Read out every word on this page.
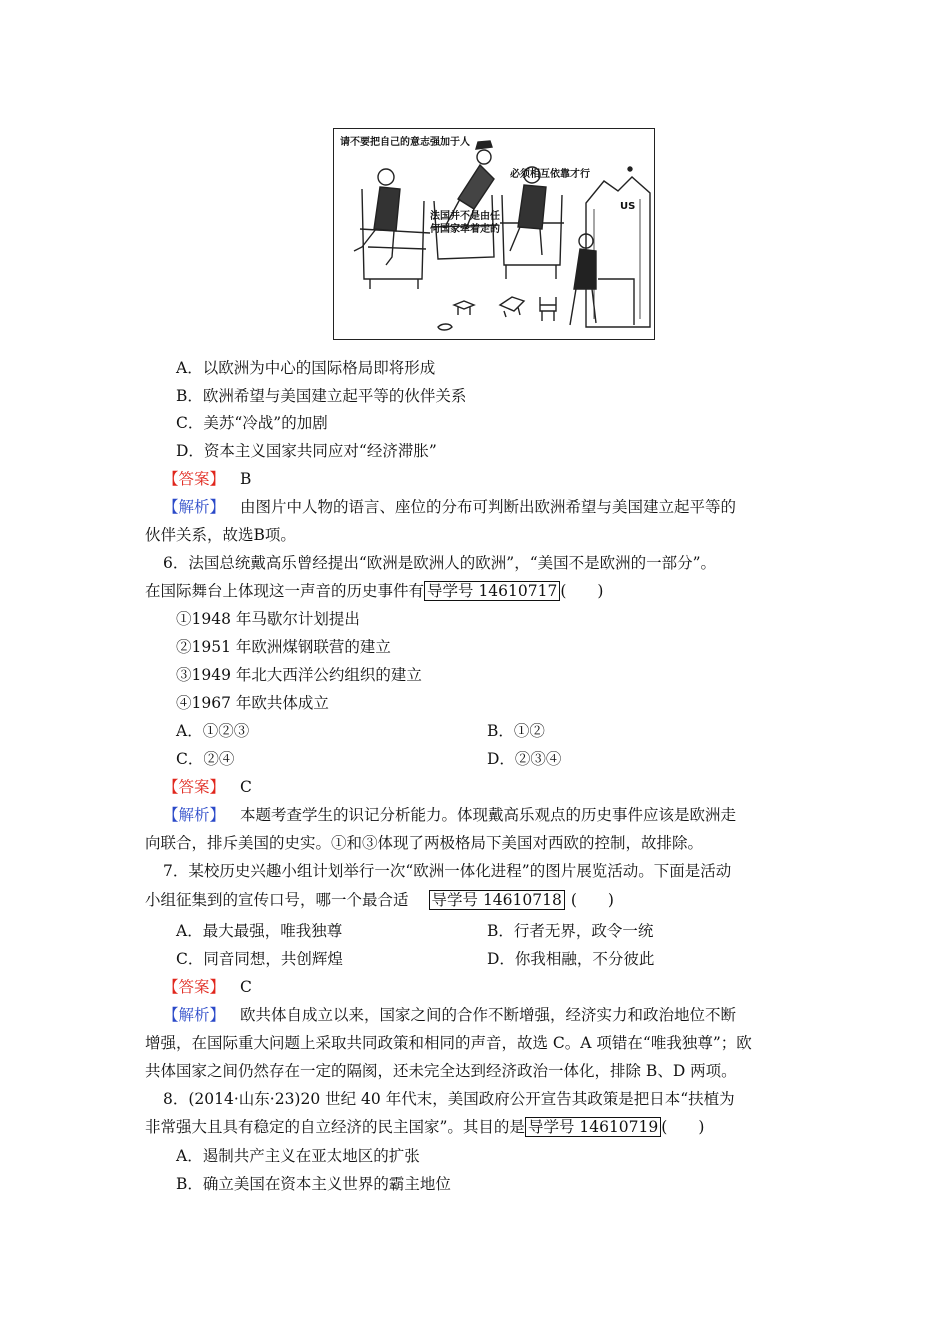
请不要把自己的意志强加于人
必须相互依靠才行
法国并不是由任
何国家牵着走的
US
A．以欧洲为中心的国际格局即将形成
B．欧洲希望与美国建立起平等的伙伴关系
C．美苏“冷战”的加剧
D．资本主义国家共同应对“经济滞胀”
【答案】 B
【解析】 由图片中人物的语言、座位的分布可判断出欧洲希望与美国建立起平等的
伙伴关系，故选B项。
6．法国总统戴高乐曾经提出“欧洲是欧洲人的欧洲”，“美国不是欧洲的一部分”。
在国际舞台上体现这一声音的历史事件有 导学号 14610717 (　　)
①1948 年马歇尔计划提出
②1951 年欧洲煤钢联营的建立
③1949 年北大西洋公约组织的建立
④1967 年欧共体成立
A．①②③	B．①②
C．②④	D．②③④
【答案】 C
【解析】 本题考查学生的识记分析能力。体现戴高乐观点的历史事件应该是欧洲走
向联合，排斥美国的史实。①和③体现了两极格局下美国对西欧的控制，故排除。
7．某校历史兴趣小组计划举行一次“欧洲一体化进程”的图片展览活动。下面是活动
小组征集到的宣传口号，哪一个最合适 导学号 14610718 (　　)
A．最大最强，唯我独尊	B．行者无界，政令一统
C．同音同想，共创辉煌	D．你我相融，不分彼此
【答案】 C
【解析】 欧共体自成立以来，国家之间的合作不断增强，经济实力和政治地位不断
增强，在国际重大问题上采取共同政策和相同的声音，故选 C。A 项错在“唯我独尊”；欧
共体国家之间仍然存在一定的隔阂，还未完全达到经济政治一体化，排除 B、D 两项。
8．(2014·山东·23)20 世纪 40 年代末，美国政府公开宣告其政策是把日本“扶植为
非常强大且具有稳定的自立经济的民主国家”。其目的是 导学号 14610719 (　　)
A．遏制共产主义在亚太地区的扩张
B．确立美国在资本主义世界的霸主地位
